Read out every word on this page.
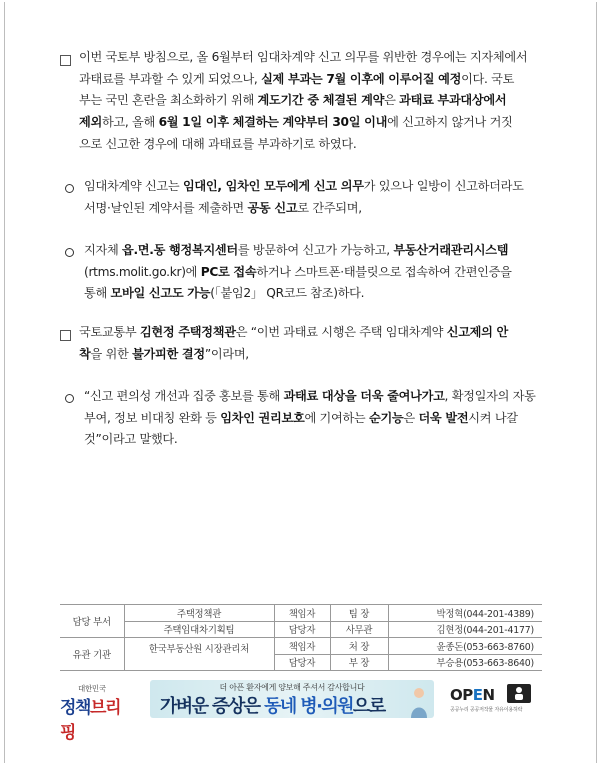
이번 국토부 방침으로, 올 6월부터 임대차계약 신고 의무를 위반한 경우에는 지자체에서
과태료를 부과할 수 있게 되었으나, 실제 부과는 7월 이후에 이루어질 예정이다. 국토
부는 국민 혼란을 최소화하기 위해 계도기간 중 체결된 계약은 과태료 부과대상에서
제외하고, 올해 6월 1일 이후 체결하는 계약부터 30일 이내에 신고하지 않거나 거짓
으로 신고한 경우에 대해 과태료를 부과하기로 하였다.
임대차계약 신고는 임대인, 임차인 모두에게 신고 의무가 있으나 일방이 신고하더라도
서명·날인된 계약서를 제출하면 공동 신고로 간주되며,
지자체 읍.면.동 행정복지센터를 방문하여 신고가 가능하고, 부동산거래관리시스템
(rtms.molit.go.kr)에 PC로 접속하거나 스마트폰·태블릿으로 접속하여 간편인증을
통해 모바일 신고도 가능(「붙임2」 QR코드 참조)하다.
국토교통부 김현정 주택정책관은 “이번 과태료 시행은 주택 임대차계약 신고제의 안
착을 위한 불가피한 결정”이라며,
“신고 편의성 개선과 집중 홍보를 통해 과태료 대상을 더욱 줄여나가고, 확정일자의 자동
부여, 정보 비대칭 완화 등 임차인 권리보호에 기여하는 순기능은 더욱 발전시켜 나갈
것”이라고 말했다.
담당 부서	주택정책관	책임자	팀 장	박정혁(044-201-4389)
	주택임대차기획팀	담당자	사무관	김현정(044-201-4177)
유관 기관	한국부동산원 시장관리처	책임자	처 장	윤종돈(053-663-8760)
		담당자	부 장	부승용(053-663-8640)
대한민국
정책브리핑
더 아픈 환자에게 양보해 주셔서 감사합니다
가벼운 증상은 동네 병·의원으로
OPEN
공공누리 공공저작물 자유이용허락
